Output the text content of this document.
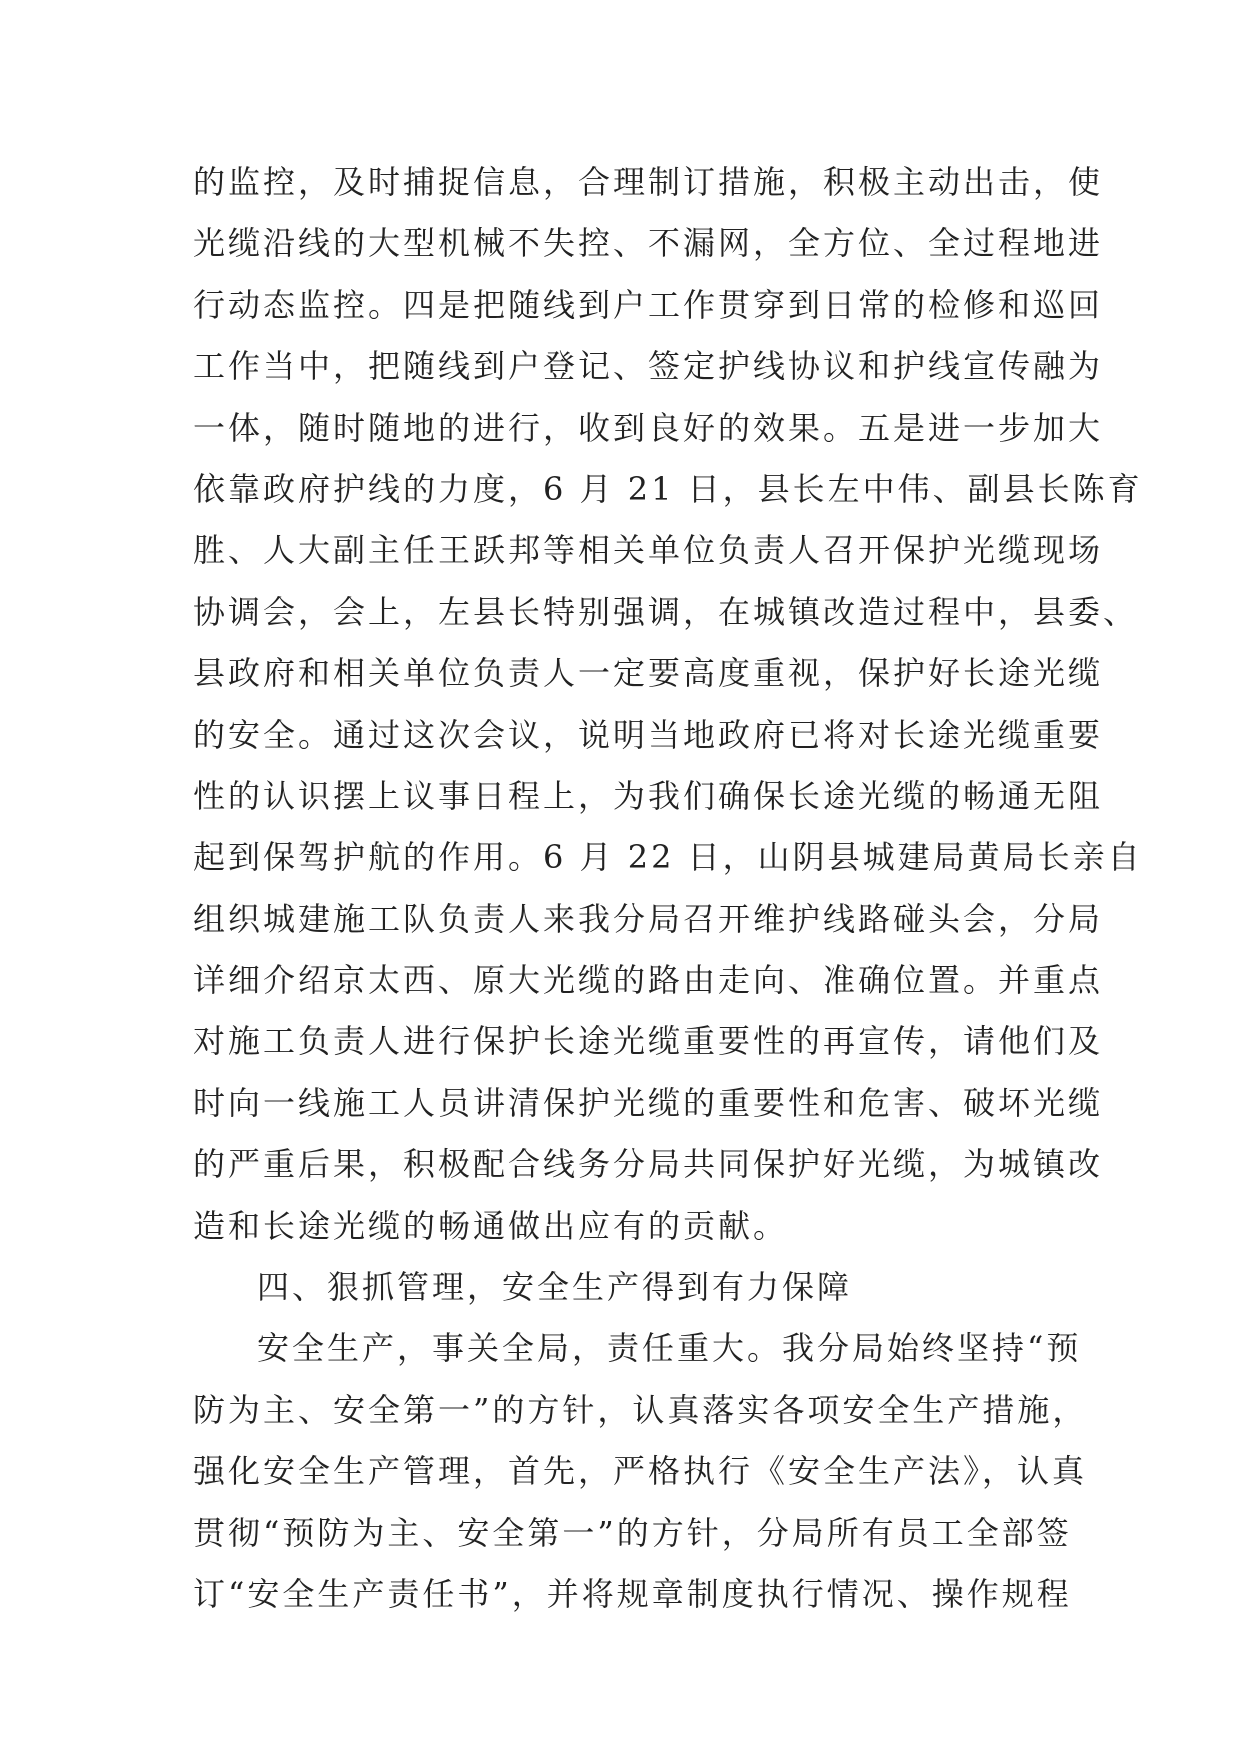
的监控，及时捕捉信息，合理制订措施，积极主动出击，使
光缆沿线的大型机械不失控、不漏网，全方位、全过程地进
行动态监控。四是把随线到户工作贯穿到日常的检修和巡回
工作当中，把随线到户登记、签定护线协议和护线宣传融为
一体，随时随地的进行，收到良好的效果。五是进一步加大
依靠政府护线的力度，6 月 21 日，县长左中伟、副县长陈育
胜、人大副主任王跃邦等相关单位负责人召开保护光缆现场
协调会，会上，左县长特别强调，在城镇改造过程中，县委、
县政府和相关单位负责人一定要高度重视，保护好长途光缆
的安全。通过这次会议，说明当地政府已将对长途光缆重要
性的认识摆上议事日程上，为我们确保长途光缆的畅通无阻
起到保驾护航的作用。6 月 22 日，山阴县城建局黄局长亲自
组织城建施工队负责人来我分局召开维护线路碰头会，分局
详细介绍京太西、原大光缆的路由走向、准确位置。并重点
对施工负责人进行保护长途光缆重要性的再宣传，请他们及
时向一线施工人员讲清保护光缆的重要性和危害、破坏光缆
的严重后果，积极配合线务分局共同保护好光缆，为城镇改
造和长途光缆的畅通做出应有的贡献。
四、狠抓管理，安全生产得到有力保障
安全生产，事关全局，责任重大。我分局始终坚持“预
防为主、安全第一”的方针，认真落实各项安全生产措施，
强化安全生产管理，首先，严格执行《安全生产法》，认真
贯彻“预防为主、安全第一”的方针，分局所有员工全部签
订“安全生产责任书”，并将规章制度执行情况、操作规程
